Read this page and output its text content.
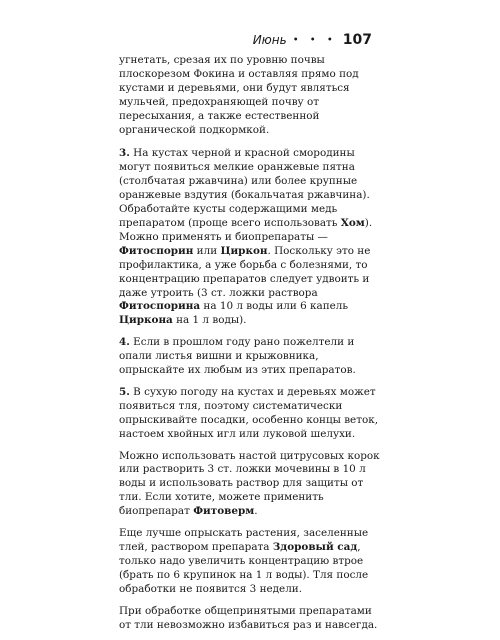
Июнь • • • 107

угнетать, срезая их по уровню почвы плоскорезом Фокина и оставляя прямо под кустами и деревьями, они будут являться мульчей, предохраняющей почву от пересыхания, а также естественной органической подкормкой.

3. На кустах черной и красной смородины могут появиться мелкие оранжевые пятна (столбчатая ржавчина) или более крупные оранжевые вздутия (бокальчатая ржавчина). Обработайте кусты содержащими медь препаратом (проще всего использовать Хом). Можно применять и биопрепараты — Фитоспорин или Циркон. Поскольку это не профилактика, а уже борьба с болезнями, то концентрацию препаратов следует удвоить и даже утроить (3 ст. ложки раствора Фитоспорина на 10 л воды или 6 капель Циркона на 1 л воды).

4. Если в прошлом году рано пожелтели и опали листья вишни и крыжовника, опрыскайте их любым из этих препаратов.

5. В сухую погоду на кустах и деревьях может появиться тля, поэтому систематически опрыскивайте посадки, особенно концы веток, настоем хвойных игл или луковой шелухи.

Можно использовать настой цитрусовых корок или растворить 3 ст. ложки мочевины в 10 л воды и использовать раствор для защиты от тли. Если хотите, можете применить биопрепарат Фитоверм.

Еще лучше опрыскать растения, заселенные тлей, раствором препарата Здоровый сад, только надо увеличить концентрацию втрое (брать по 6 крупинок на 1 л воды). Тля после обработки не появится 3 недели.

При обработке общепринятыми препаратами от тли невозможно избавиться раз и навсегда.
